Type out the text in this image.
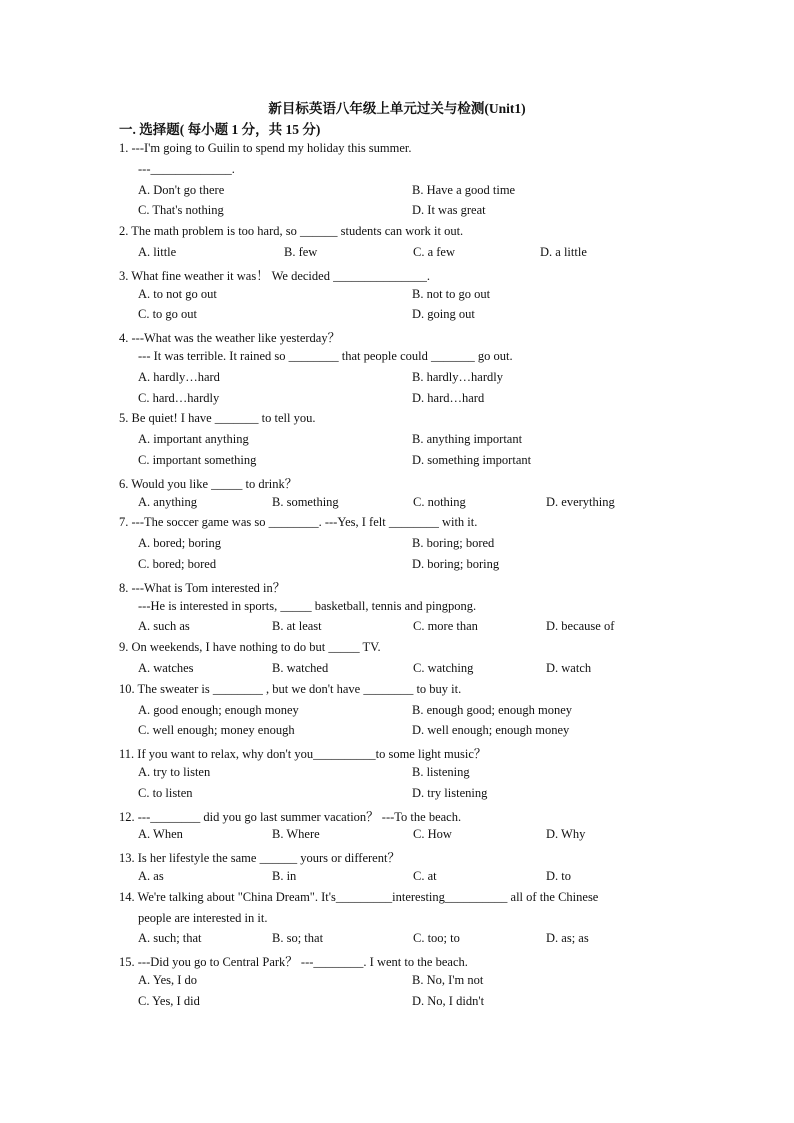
新目标英语八年级上单元过关与检测(Unit1)
一. 选择题( 每小题 1 分，共 15 分)
1. ---I'm going to Guilin to spend my holiday this summer.
---_____________.
A. Don't go there	B. Have a good time
C. That's nothing	D. It was great
2. The math problem is too hard, so ______ students can work it out.
A. little	B. few	C. a few	D. a little
3. What fine weather it was！ We decided _______________.
A. to not go out	B. not to go out
C. to go out	D. going out
4. ---What was the weather like yesterday？
--- It was terrible. It rained so ________ that people could _______ go out.
A. hardly…hard	B. hardly…hardly
C. hard…hardly	D. hard…hard
5. Be quiet! I have _______ to tell you.
A. important anything	B. anything important
C. important something	D. something important
6. Would you like _____ to drink？
A. anything	B. something	C. nothing	D. everything
7. ---The soccer game was so ________. ---Yes, I felt ________ with it.
A. bored; boring	B. boring; bored
C. bored; bored	D. boring; boring
8. ---What is Tom interested in？
---He is interested in sports, _____ basketball, tennis and pingpong.
A. such as	B. at least	C. more than	D. because of
9. On weekends, I have nothing to do but _____ TV.
A. watches	B. watched	C. watching	D. watch
10. The sweater is ________ , but we don't have ________ to buy it.
A. good enough; enough money	B. enough good; enough money
C. well enough; money enough	D. well enough; enough money
11. If you want to relax, why don't you__________to some light music？
A. try to listen	B. listening
C. to listen	D. try listening
12. ---________ did you go last summer vacation？ ---To the beach.
A. When	B. Where	C. How	D. Why
13. Is her lifestyle the same ______ yours or different？
A. as	B. in	C. at	D. to
14. We're talking about "China Dream". It's_________interesting__________ all of the Chinese
people are interested in it.
A. such; that	B. so; that	C. too; to	D. as; as
15. ---Did you go to Central Park？ ---________. I went to the beach.
A. Yes, I do	B. No, I'm not
C. Yes, I did	D. No, I didn't
